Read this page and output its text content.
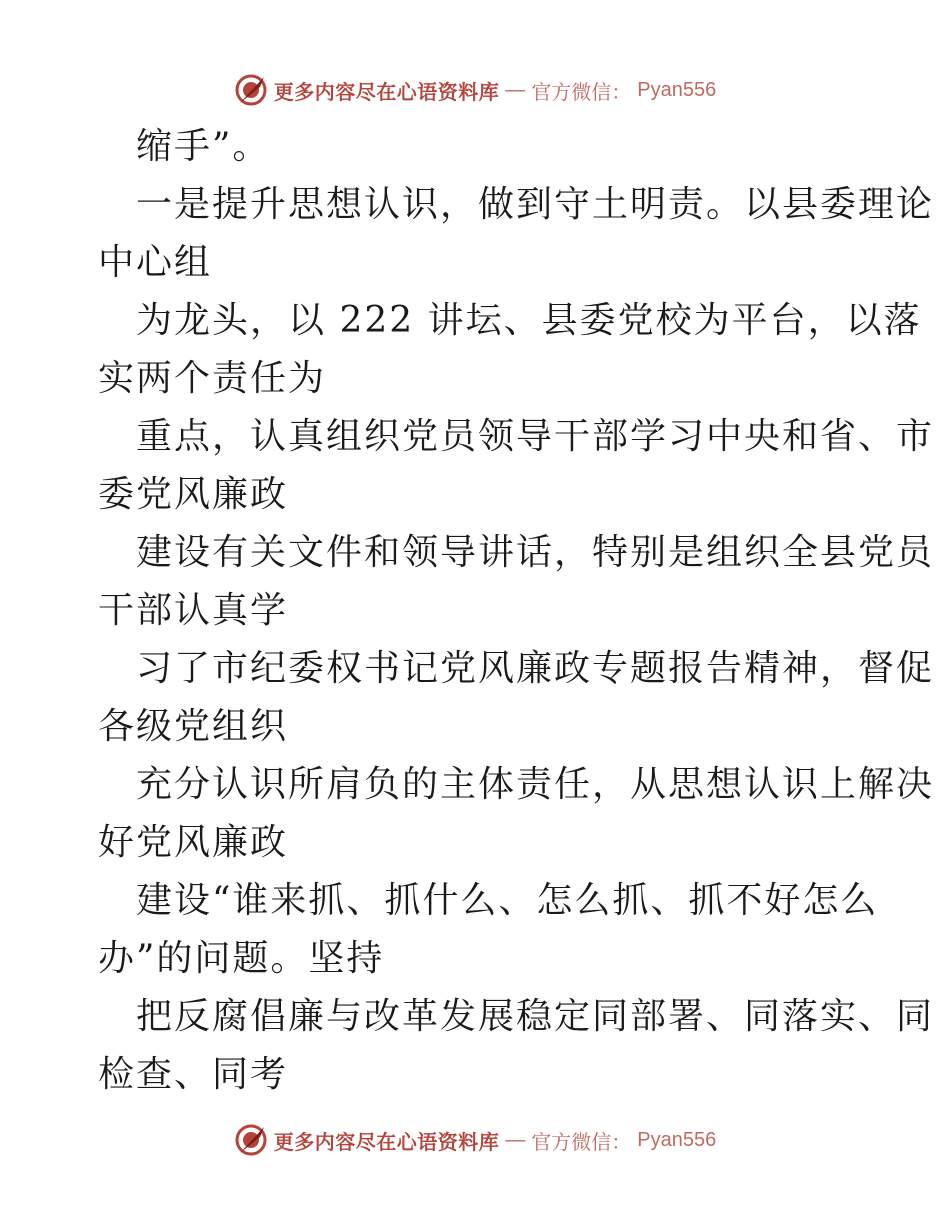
更多内容尽在心语资料库 — 官方微信： Pyan556
缩手”。
一是提升思想认识，做到守土明责。以县委理论
中心组
为龙头，以 222 讲坛、县委党校为平台，以落
实两个责任为
重点，认真组织党员领导干部学习中央和省、市
委党风廉政
建设有关文件和领导讲话，特别是组织全县党员
干部认真学
习了市纪委权书记党风廉政专题报告精神，督促
各级党组织
充分认识所肩负的主体责任，从思想认识上解决
好党风廉政
建设“谁来抓、抓什么、怎么抓、抓不好怎么
办”的问题。坚持
把反腐倡廉与改革发展稳定同部署、同落实、同
检查、同考
更多内容尽在心语资料库 — 官方微信： Pyan556
